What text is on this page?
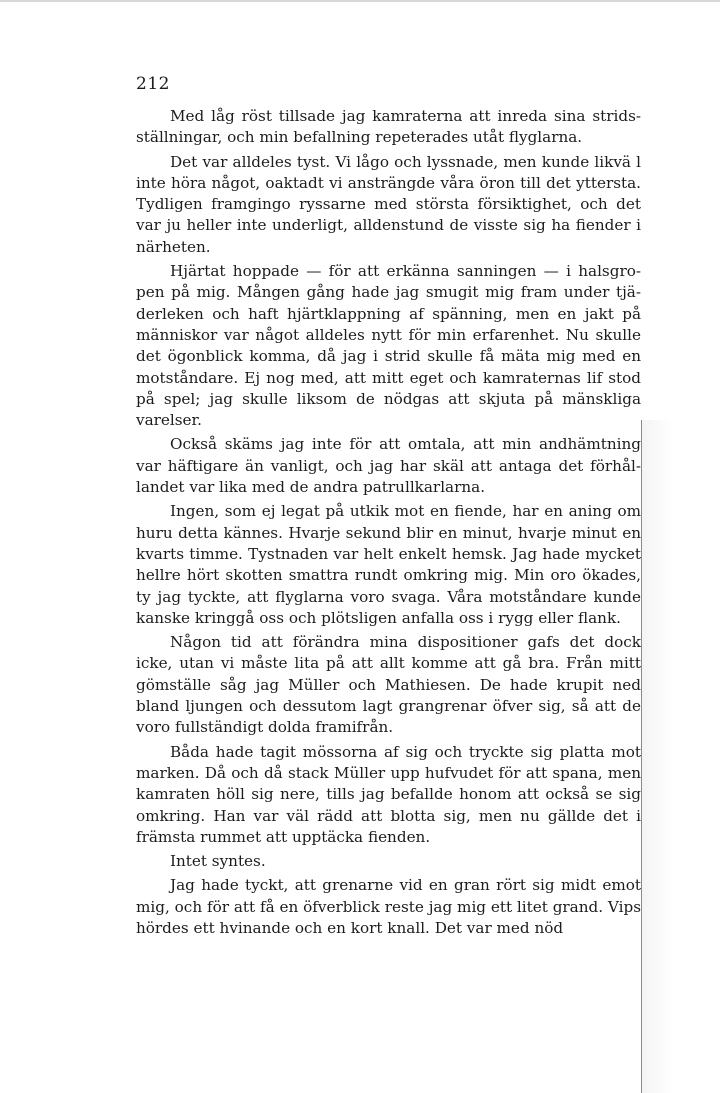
212

Med låg röst tillsade jag kamraterna att inreda sina stridsställningar, och min befallning repeterades utåt flyglarna.

Det var alldeles tyst. Vi lågo och lyssnade, men kunde likvä l inte höra något, oaktadt vi ansträngde våra öron till det yttersta. Tydligen framgingo ryssarne med största försiktighet, och det var ju heller inte underligt, alldenstund de visste sig ha fiender i närheten.

Hjärtat hoppade — för att erkänna sanningen — i halsgropen på mig. Mången gång hade jag smugit mig fram under tjäderleken och haft hjärtklappning af spänning, men en jakt på människor var något alldeles nytt för min erfarenhet. Nu skulle det ögonblick komma, då jag i strid skulle få mäta mig med en motståndare. Ej nog med, att mitt eget och kamraternas lif stod på spel; jag skulle liksom de nödgas att skjuta på mänskliga varelser.

Också skäms jag inte för att omtala, att min andhämtning var häftigare än vanligt, och jag har skäl att antaga det förhållandet var lika med de andra patrullkarlarna.

Ingen, som ej legat på utkik mot en fiende, har en aning om huru detta kännes. Hvarje sekund blir en minut, hvarje minut en kvarts timme. Tystnaden var helt enkelt hemsk. Jag hade mycket hellre hört skotten smattra rundt omkring mig. Min oro ökades, ty jag tyckte, att flyglarna voro svaga. Våra motståndare kunde kanske kringgå oss och plötsligen anfalla oss i rygg eller flank.

Någon tid att förändra mina dispositioner gafs det dock icke, utan vi måste lita på att allt komme att gå bra. Från mitt gömställe såg jag Müller och Mathiesen. De hade krupit ned bland ljungen och dessutom lagt grangrenar öfver sig, så att de voro fullständigt dolda framifrån.

Båda hade tagit mössorna af sig och tryckte sig platta mot marken. Då och då stack Müller upp hufvudet för att spana, men kamraten höll sig nere, tills jag befallde honom att också se sig omkring. Han var väl rädd att blotta sig, men nu gällde det i främsta rummet att upptäcka fienden.

Intet syntes.

Jag hade tyckt, att grenarne vid en gran rört sig midt emot mig, och för att få en öfverblick reste jag mig ett litet grand. Vips hördes ett hvinande och en kort knall. Det var med nöd
